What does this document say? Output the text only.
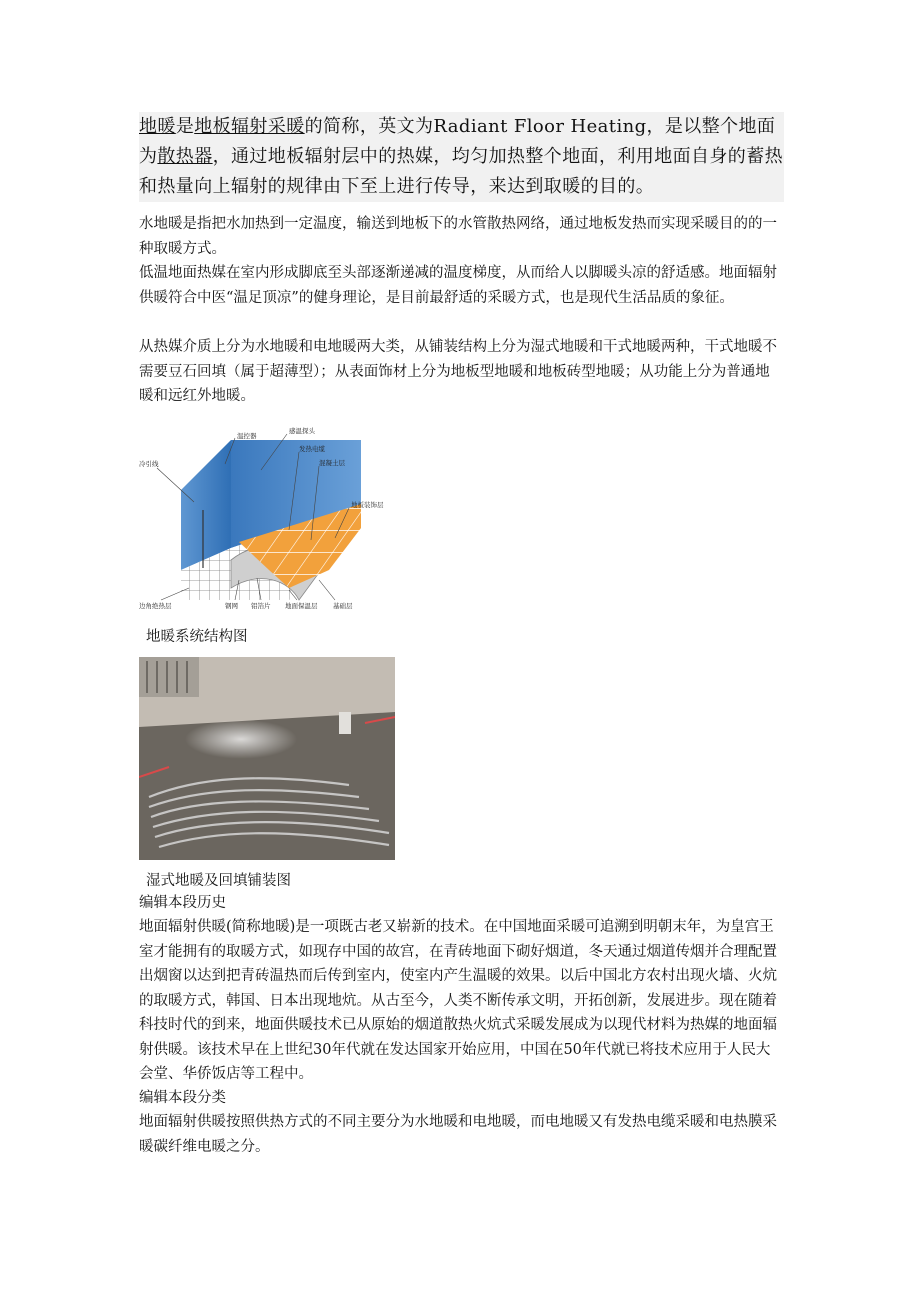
地暖是地板辐射采暖的简称，英文为Radiant Floor Heating，是以整个地面为散热器，通过地板辐射层中的热媒，均匀加热整个地面，利用地面自身的蓄热和热量向上辐射的规律由下至上进行传导，来达到取暖的目的。

水地暖是指把水加热到一定温度，输送到地板下的水管散热网络，通过地板发热而实现采暖目的的一种取暖方式。

低温地面热媒在室内形成脚底至头部逐渐递减的温度梯度，从而给人以脚暖头凉的舒适感。地面辐射供暖符合中医“温足顶凉”的健身理论，是目前最舒适的采暖方式，也是现代生活品质的象征。

从热媒介质上分为水地暖和电地暖两大类，从铺装结构上分为湿式地暖和干式地暖两种，干式地暖不需要豆石回填（属于超薄型）；从表面饰材上分为地板型地暖和地板砖型地暖；从功能上分为普通地暖和远红外地暖。

冷引线
温控器
感温探头
发热电缆
混凝土层
地板装饰层
边角绝热层	钢网 铝箔片 地面保温层 基础层
地暖系统结构图
湿式地暖及回填铺装图
编辑本段历史

地面辐射供暖(简称地暖)是一项既古老又崭新的技术。在中国地面采暖可追溯到明朝末年，为皇宫王室才能拥有的取暖方式，如现存中国的故宫，在青砖地面下砌好烟道，冬天通过烟道传烟并合理配置出烟窗以达到把青砖温热而后传到室内，使室内产生温暖的效果。以后中国北方农村出现火墙、火炕的取暖方式，韩国、日本出现地炕。从古至今，人类不断传承文明，开拓创新，发展进步。现在随着科技时代的到来，地面供暖技术已从原始的烟道散热火炕式采暖发展成为以现代材料为热媒的地面辐射供暖。该技术早在上世纪30年代就在发达国家开始应用，中国在50年代就已将技术应用于人民大会堂、华侨饭店等工程中。

编辑本段分类

地面辐射供暖按照供热方式的不同主要分为水地暖和电地暖，而电地暖又有发热电缆采暖和电热膜采暖碳纤维电暖之分。
